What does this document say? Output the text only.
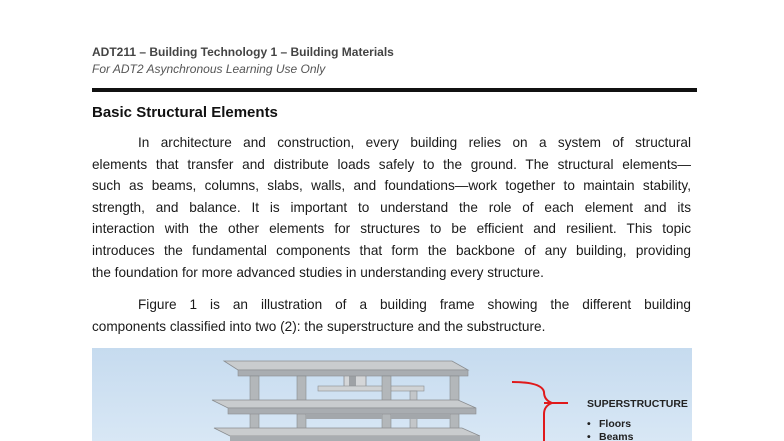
ADT211 – Building Technology 1 – Building Materials
For ADT2 Asynchronous Learning Use Only
Basic Structural Elements

In architecture and construction, every building relies on a system of structural
elements that transfer and distribute loads safely to the ground. The structural elements—
such as beams, columns, slabs, walls, and foundations—work together to maintain stability,
strength, and balance. It is important to understand the role of each element and its
interaction with the other elements for structures to be efficient and resilient. This topic
introduces the fundamental components that form the backbone of any building, providing
the foundation for more advanced studies in understanding every structure.

Figure 1 is an illustration of a building frame showing the different building
components classified into two (2): the superstructure and the substructure.

SUPERSTRUCTURE
• Floors
• Beams
